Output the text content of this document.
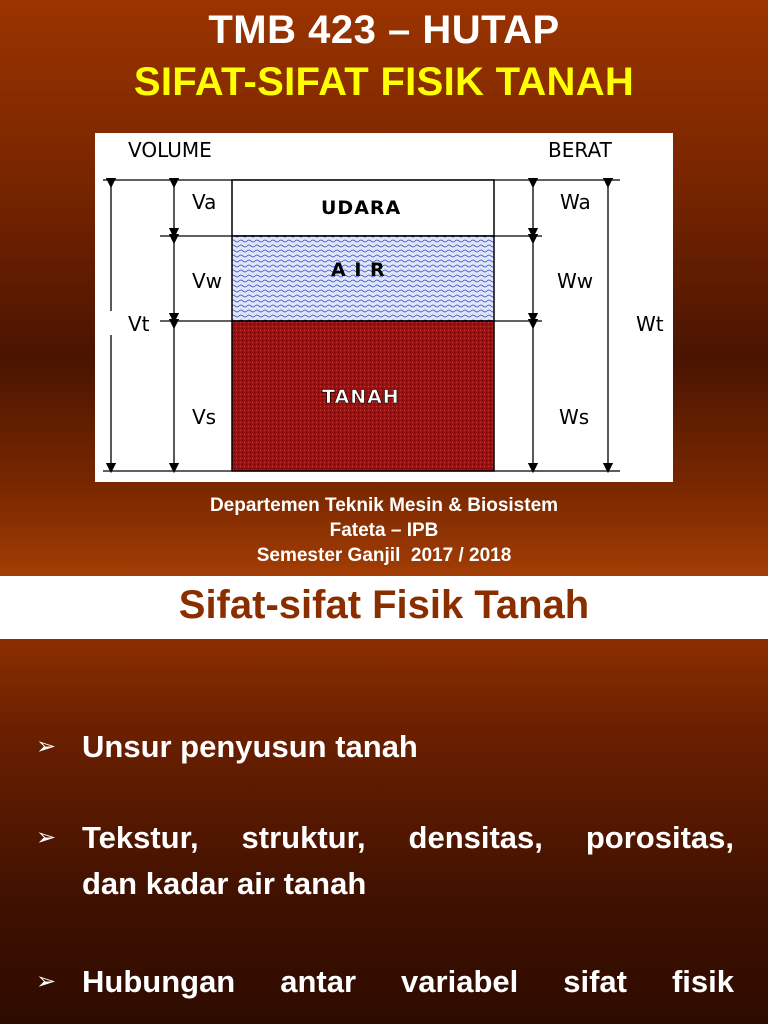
TMB 423 – HUTAP
SIFAT-SIFAT FISIK TANAH
VOLUME	BERAT
UDARA
A I R
TANAH
Vt
Va
Vw
Vs
Wa
Ww
Ws
Wt
Departemen Teknik Mesin & Biosistem
Fateta – IPB
Semester Ganjil  2017 / 2018
Sifat-sifat Fisik Tanah
➢ Unsur penyusun tanah
➢ Tekstur, struktur, densitas, porositas,
dan kadar air tanah
➢ Hubungan antar variabel sifat fisik
